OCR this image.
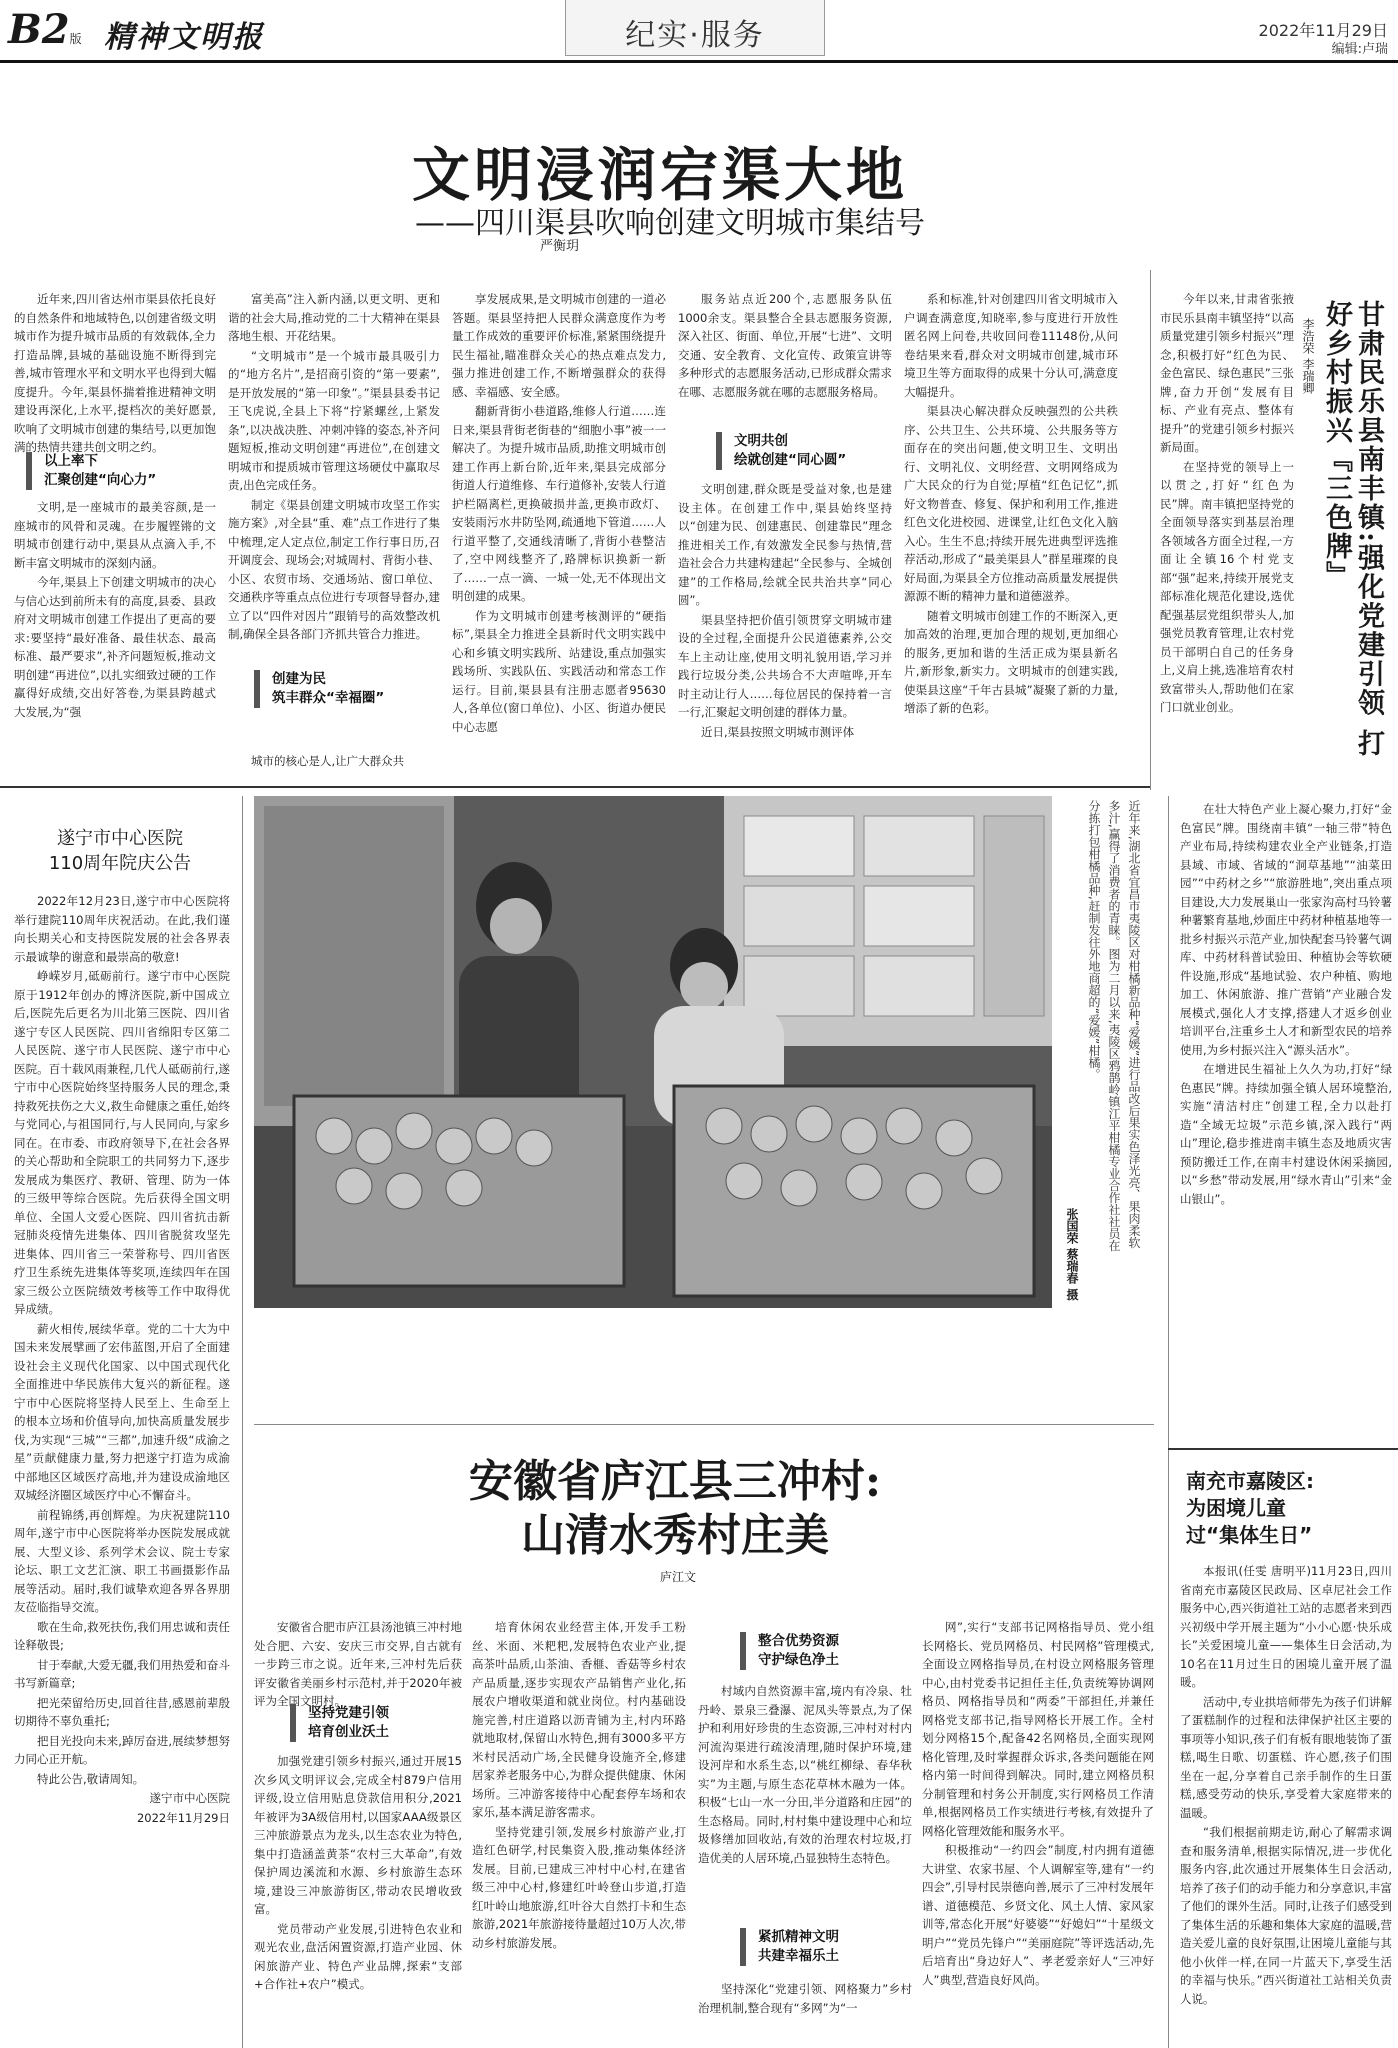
B2版 精神文明报	纪实·服务	2022年11月29日
编辑:卢瑞
文明浸润宕渠大地
——四川渠县吹响创建文明城市集结号
严衡玥

近年来,四川省达州市渠县依托良好的自然条件和地域特色,以创建省级文明城市作为提升城市品质的有效载体,全力打造品牌,县城的基础设施不断得到完善,城市管理水平和文明水平也得到大幅度提升。今年,渠县怀揣着推进精神文明建设再深化,上水平,提档次的美好愿景,吹响了文明城市创建的集结号,以更加饱满的热情共建共创文明之约。

以上率下
汇聚创建“向心力”

文明,是一座城市的最美容颜,是一座城市的风骨和灵魂。在步履铿锵的文明城市创建行动中,渠县从点滴入手,不断丰富文明城市的深刻内涵。

今年,渠县上下创建文明城市的决心与信心达到前所未有的高度,县委、县政府对文明城市创建工作提出了更高的要求:要坚持“最好准备、最佳状态、最高标准、最严要求”,补齐问题短板,推动文明创建“再进位”,以扎实细致过硬的工作赢得好成绩,交出好答卷,为渠县跨越式大发展,为“强

富美高”注入新内涵,以更文明、更和谐的社会大局,推动党的二十大精神在渠县落地生根、开花结果。

“文明城市”是一个城市最具吸引力的“地方名片”,是招商引资的“第一要素”,是开放发展的“第一印象”。”渠县县委书记王飞虎说,全县上下将“拧紧螺丝,上紧发条”,以决战决胜、冲刺冲锋的姿态,补齐问题短板,推动文明创建“再进位”,在创建文明城市和提质城市管理这场硬仗中赢取尽责,出色完成任务。

制定《渠县创建文明城市攻坚工作实施方案》,对全县“重、难”点工作进行了集中梳理,定人定点位,制定工作行事日历,召开调度会、现场会;对城周村、背街小巷、小区、农贸市场、交通场站、窗口单位、交通秩序等重点点位进行专项督导督办,建立了以“四件对因片”跟销号的高效整改机制,确保全县各部门齐抓共管合力推进。

创建为民
筑丰群众“幸福圈”

城市的核心是人,让广大群众共

享发展成果,是文明城市创建的一道必答题。渠县坚持把人民群众满意度作为考量工作成效的重要评价标准,紧紧围绕提升民生福祉,瞄准群众关心的热点难点发力,强力推进创建工作,不断增强群众的获得感、幸福感、安全感。

翻新背街小巷道路,维修人行道……连日来,渠县背街老街巷的“细胞小事”被一一解决了。为提升城市品质,助推文明城市创建工作再上新台阶,近年来,渠县完成部分街道人行道维修、车行道修补,安装人行道护栏隔离栏,更换破损井盖,更换市政灯、安装雨污水井防坠网,疏通地下管道……人行道平整了,交通线清晰了,背街小巷整洁了,空中网线整齐了,路牌标识换新一新了……一点一滴、一城一处,无不体现出文明创建的成果。

作为文明城市创建考核测评的“硬指标”,渠县全力推进全县新时代文明实践中心和乡镇文明实践所、站建设,重点加强实践场所、实践队伍、实践活动和常态工作运行。目前,渠县县有注册志愿者95630人,各单位(窗口单位)、小区、街道办便民中心志愿

服务站点近200个,志愿服务队伍1000余支。渠县整合全县志愿服务资源,深入社区、街面、单位,开展“七进”、文明交通、安全教育、文化宣传、政策宣讲等多种形式的志愿服务活动,已形成群众需求在哪、志愿服务就在哪的志愿服务格局。

文明共创
绘就创建“同心圆”

文明创建,群众既是受益对象,也是建设主体。在创建工作中,渠县始终坚持以“创建为民、创建惠民、创建靠民”理念推进相关工作,有效激发全民参与热情,营造社会合力共建构建起“全民参与、全城创建”的工作格局,绘就全民共治共享“同心圆”。

渠县坚持把价值引领贯穿文明城市建设的全过程,全面提升公民道德素养,公交车上主动让座,使用文明礼貌用语,学习并践行垃圾分类,公共场合不大声喧哗,开车时主动让行人……每位居民的保持着一言一行,汇聚起文明创建的群体力量。

近日,渠县按照文明城市测评体

系和标准,针对创建四川省文明城市入户调查满意度,知晓率,参与度进行开放性匿名网上问卷,共收回问卷11148份,从问卷结果来看,群众对文明城市创建,城市环境卫生等方面取得的成果十分认可,满意度大幅提升。

渠县决心解决群众反映强烈的公共秩序、公共卫生、公共环境、公共服务等方面存在的突出问题,使文明卫生、文明出行、文明礼仪、文明经营、文明网络成为广大民众的行为自觉;厚植“红色记忆”,抓好文物普查、修复、保护和利用工作,推进红色文化进校园、进课堂,让红色文化入脑入心。生生不息;持续开展先进典型评选推荐活动,形成了“最美渠县人”群星璀璨的良好局面,为渠县全方位推动高质量发展提供源源不断的精神力量和道德滋养。

随着文明城市创建工作的不断深入,更加高效的治理,更加合理的规划,更加细心的服务,更加和谐的生活正成为渠县新名片,新形象,新实力。文明城市的创建实践,使渠县这座“千年古县城”凝聚了新的力量,增添了新的色彩。	甘肃民乐县南丰镇:强化党建引领 打好乡村振兴『三色牌』
李浩荣 李瑞卿

今年以来,甘肃省张掖市民乐县南丰镇坚持“以高质量党建引领乡村振兴”理念,积极打好“红色为民、金色富民、绿色惠民”三张牌,奋力开创“发展有目标、产业有亮点、整体有提升”的党建引领乡村振兴新局面。

在坚持党的领导上一以贯之,打好“红色为民”牌。南丰镇把坚持党的全面领导落实到基层治理各领域各方面全过程,一方面让全镇16个村党支部“强”起来,持续开展党支部标准化规范化建设,选优配强基层党组织带头人,加强党员教育管理,让农村党员干部明白自己的任务身上,义肩上挑,选准培育农村致富带头人,帮助他们在家门口就业创业。

在壮大特色产业上凝心聚力,打好“金色富民”牌。围绕南丰镇“一轴三带”特色产业布局,持续构建农业全产业链条,打造县域、市域、省域的“洞草基地”“油菜田园”“中药材之乡”“旅游胜地”,突出重点项目建设,大力发展巢山一张家沟高村马铃薯种薯繁育基地,炒面庄中药材种植基地等一批乡村振兴示范产业,加快配套马铃薯气调库、中药材科普试验田、种植协会等软硬件设施,形成“基地试验、农户种植、购地加工、休闲旅游、推广营销”产业融合发展模式,强化人才支撑,搭建人才返乡创业培训平台,注重乡土人才和新型农民的培养使用,为乡村振兴注入“源头活水”。

在增进民生福祉上久久为功,打好“绿色惠民”牌。持续加强全镇人居环境整治,实施“清洁村庄”创建工程,全力以赴打造“全域无垃圾”示范乡镇,深入践行“两山”理论,稳步推进南丰镇生态及地质灾害预防搬迁工作,在南丰村建设休闲采摘园,以“乡愁”带动发展,用“绿水青山”引来“金山银山”。

遂宁市中心医院
110周年院庆公告

2022年12月23日,遂宁市中心医院将举行建院110周年庆祝活动。在此,我们谨向长期关心和支持医院发展的社会各界表示最诚挚的谢意和最崇高的敬意!

峥嵘岁月,砥砺前行。遂宁市中心医院原于1912年创办的博济医院,新中国成立后,医院先后更名为川北第三医院、四川省遂宁专区人民医院、四川省绵阳专区第二人民医院、遂宁市人民医院、遂宁市中心医院。百十载风雨兼程,几代人砥砺前行,遂宁市中心医院始终坚持服务人民的理念,秉持救死扶伤之大义,救生命健康之重任,始终与党同心,与祖国同行,与人民同向,与家乡同在。在市委、市政府领导下,在社会各界的关心帮助和全院职工的共同努力下,逐步发展成为集医疗、教研、管理、防为一体的三级甲等综合医院。先后获得全国文明单位、全国人文爱心医院、四川省抗击新冠肺炎疫情先进集体、四川省脱贫攻坚先进集体、四川省三一荣誉称号、四川省医疗卫生系统先进集体等奖项,连续四年在国家三级公立医院绩效考核等工作中取得优异成绩。

薪火相传,展续华章。党的二十大为中国未来发展擘画了宏伟蓝图,开启了全面建设社会主义现代化国家、以中国式现代化全面推进中华民族伟大复兴的新征程。遂宁市中心医院将坚持人民至上、生命至上的根本立场和价值导向,加快高质量发展步伐,为实现“三城”“三都”,加速升级“成渝之星”贡献健康力量,努力把遂宁打造为成渝中部地区区域医疗高地,并为建设成渝地区双城经济圈区域医疗中心不懈奋斗。

前程锦绣,再创辉煌。为庆祝建院110周年,遂宁市中心医院将举办医院发展成就展、大型义诊、系列学术会议、院士专家论坛、职工文艺汇演、职工书画摄影作品展等活动。届时,我们诚挚欢迎各界各界朋友莅临指导交流。

歌在生命,救死扶伤,我们用忠诚和责任诠释敬畏;

甘于奉献,大爱无疆,我们用热爱和奋斗书写新篇章;

把光荣留给历史,回首往昔,感恩前辈殷切期待不辜负重托;

把目光投向未来,踔厉奋进,展续梦想努力同心正开航。

特此公告,敬请周知。

遂宁市中心医院

2022年11月29日

近年来,湖北省宜昌市夷陵区对柑橘新品种“爱媛”进行品改后果实色泽光亮、果肉柔软多汁,赢得了消费者的青睐。图为二月以来,夷陵区鸦鹊岭镇江平柑橘专业合作社社员在分拣打包柑橘品种,赶制发往外地商超的“爱媛”柑橘。
张国荣 蔡瑞春 摄
安徽省庐江县三冲村:
山清水秀村庄美
庐江文

安徽省合肥市庐江县汤池镇三冲村地处合肥、六安、安庆三市交界,自古就有一步跨三市之说。近年来,三冲村先后获评安徽省美丽乡村示范村,并于2020年被评为全国文明村。

坚持党建引领
培育创业沃土

加强党建引领乡村振兴,通过开展15次乡风文明评议会,完成全村879户信用评级,设立信用贴息贷款信用积分,2021年被评为3A级信用村,以国家AAA级景区三冲旅游景点为龙头,以生态农业为特色,集中打造涵盖黄茶“农村三大革命”,有效保护周边溪流和水源、乡村旅游生态环境,建设三冲旅游街区,带动农民增收致富。

党员带动产业发展,引进特色农业和观光农业,盘活闲置资源,打造产业园、休闲旅游产业、特色产业品牌,探索“支部+合作社+农户”模式。

培育休闲农业经营主体,开发手工粉丝、米面、米粑粑,发展特色农业产业,提高茶叶品质,山茶油、香榧、香菇等乡村农产品质量,逐步实现农产品销售产业化,拓展农户增收渠道和就业岗位。村内基础设施完善,村庄道路以沥青铺为主,村内环路就地取材,保留山水特色,拥有3000多平方米村民活动广场,全民健身设施齐全,修建居家养老服务中心,为群众提供健康、休闲场所。三冲游客接待中心配套停车场和农家乐,基本满足游客需求。

坚持党建引领,发展乡村旅游产业,打造红色研学,村民集资入股,推动集体经济发展。目前,已建成三冲村中心村,在建省级三冲中心村,修建红叶岭登山步道,打造红叶岭山地旅游,红叶谷大自然打卡和生态旅游,2021年旅游接待量超过10万人次,带动乡村旅游发展。

整合优势资源
守护绿色净土

村域内自然资源丰富,境内有冷泉、牡丹岭、景泉三叠瀑、泥凤头等景点,为了保护和利用好珍贵的生态资源,三冲村对村内河流沟渠进行疏浚清理,随时保护环境,建设河岸和水系生态,以“桃红柳绿、春华秋实”为主题,与原生态花草林木融为一体。积极“七山一水一分田,半分道路和庄园”的生态格局。同时,村村集中建设理中心和垃圾修缮加回收站,有效的治理农村垃圾,打造优美的人居环境,凸显独特生态特色。

紧抓精神文明
共建幸福乐土

坚持深化“党建引领、网格聚力”乡村治理机制,整合现有“多网”为“一

网”,实行“支部书记网格指导员、党小组长网格长、党员网格员、村民网格”管理模式,全面设立网格指导员,在村设立网格服务管理中心,由村党委书记担任主任,负责统筹协调网格员、网格指导员和“两委”干部担任,并兼任网格党支部书记,指导网格长开展工作。全村划分网格15个,配备42名网格员,全面实现网格化管理,及时掌握群众诉求,各类问题能在网格内第一时间得到解决。同时,建立网格员积分制管理和村务公开制度,实行网格员工作清单,根据网格员工作实绩进行考核,有效提升了网格化管理效能和服务水平。

积极推动“一约四会”制度,村内拥有道德大讲堂、农家书屋、个人调解室等,建有“一约四会”,引导村民崇德向善,展示了三冲村发展年谱、道德模范、乡贤文化、风土人情、家风家训等,常态化开展“好婆婆”“好媳妇”“十星级文明户”“党员先锋户”“美丽庭院”等评选活动,先后培育出“身边好人”、孝老爱亲好人“三冲好人”典型,营造良好风尚。

南充市嘉陵区:
为困境儿童
过“集体生日”

本报讯(任雯 唐明平)11月23日,四川省南充市嘉陵区民政局、区卓尼社会工作服务中心,西兴街道社工站的志愿者来到西兴初级中学开展主题为“小小心愿·快乐成长”关爱困境儿童——集体生日会活动,为10名在11月过生日的困境儿童开展了温暖。

活动中,专业拱培师带先为孩子们讲解了蛋糕制作的过程和法律保护社区主要的事项等小知识,孩子们有板有眼地装饰了蛋糕,喝生日歌、切蛋糕、许心愿,孩子们围坐在一起,分享着自己亲手制作的生日蛋糕,感受劳动的快乐,享受着大家庭带来的温暖。

“我们根据前期走访,耐心了解需求调查和服务清单,根据实际情况,进一步优化服务内容,此次通过开展集体生日会活动,培养了孩子们的动手能力和分享意识,丰富了他们的课外生活。同时,让孩子们感受到了集体生活的乐趣和集体大家庭的温暖,营造关爱儿童的良好氛围,让困境儿童能与其他小伙伴一样,在同一片蓝天下,享受生活的幸福与快乐。”西兴街道社工站相关负责人说。
